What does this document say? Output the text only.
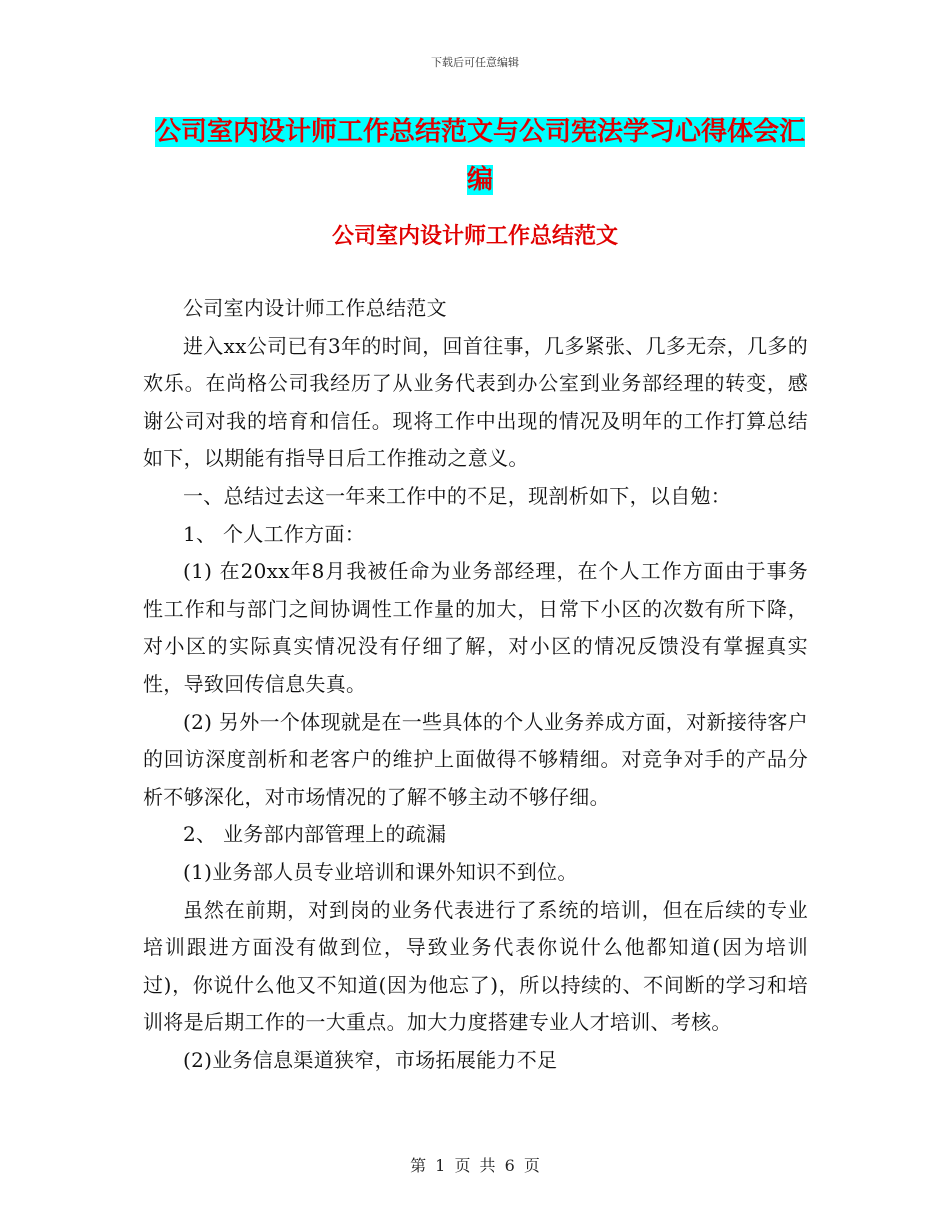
下载后可任意编辑
公司室内设计师工作总结范文与公司宪法学习心得体会汇编
公司室内设计师工作总结范文

公司室内设计师工作总结范文

进入xx公司已有3年的时间，回首往事，几多紧张、几多无奈，几多的欢乐。在尚格公司我经历了从业务代表到办公室到业务部经理的转变，感谢公司对我的培育和信任。现将工作中出现的情况及明年的工作打算总结如下，以期能有指导日后工作推动之意义。

一、总结过去这一年来工作中的不足，现剖析如下，以自勉：

1、 个人工作方面：

(1) 在20xx年8月我被任命为业务部经理，在个人工作方面由于事务性工作和与部门之间协调性工作量的加大，日常下小区的次数有所下降，对小区的实际真实情况没有仔细了解，对小区的情况反馈没有掌握真实性，导致回传信息失真。

(2) 另外一个体现就是在一些具体的个人业务养成方面，对新接待客户的回访深度剖析和老客户的维护上面做得不够精细。对竞争对手的产品分析不够深化，对市场情况的了解不够主动不够仔细。

2、 业务部内部管理上的疏漏

(1)业务部人员专业培训和课外知识不到位。

虽然在前期，对到岗的业务代表进行了系统的培训，但在后续的专业培训跟进方面没有做到位，导致业务代表你说什么他都知道(因为培训过)，你说什么他又不知道(因为他忘了)，所以持续的、不间断的学习和培训将是后期工作的一大重点。加大力度搭建专业人才培训、考核。

(2)业务信息渠道狭窄，市场拓展能力不足

第 1 页 共 6 页
